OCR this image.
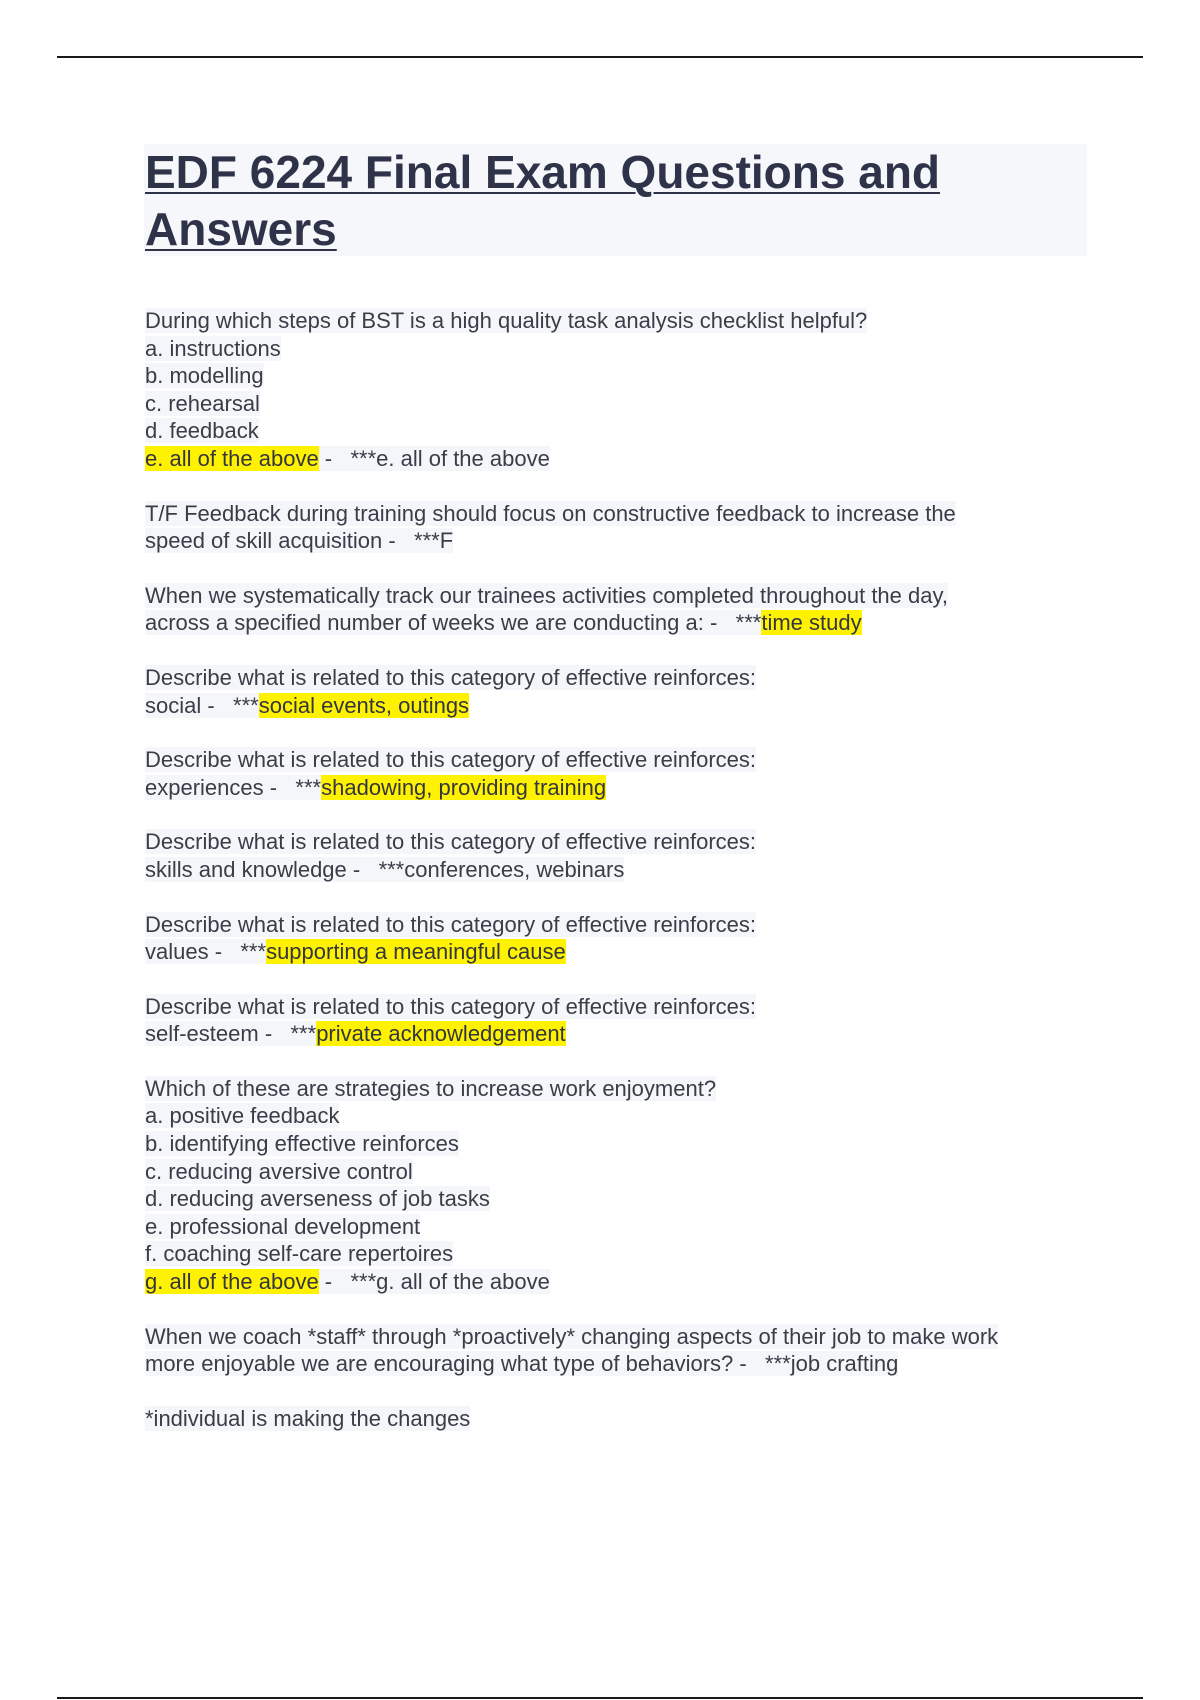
EDF 6224 Final Exam Questions and Answers
During which steps of BST is a high quality task analysis checklist helpful?
a. instructions
b. modelling
c. rehearsal
d. feedback
e. all of the above -   ***e. all of the above
T/F Feedback during training should focus on constructive feedback to increase the
speed of skill acquisition -   ***F
When we systematically track our trainees activities completed throughout the day,
across a specified number of weeks we are conducting a: -   ***time study
Describe what is related to this category of effective reinforces:
social -   ***social events, outings
Describe what is related to this category of effective reinforces:
experiences -   ***shadowing, providing training
Describe what is related to this category of effective reinforces:
skills and knowledge -   ***conferences, webinars
Describe what is related to this category of effective reinforces:
values -   ***supporting a meaningful cause
Describe what is related to this category of effective reinforces:
self-esteem -   ***private acknowledgement
Which of these are strategies to increase work enjoyment?
a. positive feedback
b. identifying effective reinforces
c. reducing aversive control
d. reducing averseness of job tasks
e. professional development
f. coaching self-care repertoires
g. all of the above -   ***g. all of the above
When we coach *staff* through *proactively* changing aspects of their job to make work
more enjoyable we are encouraging what type of behaviors? -   ***job crafting
*individual is making the changes
